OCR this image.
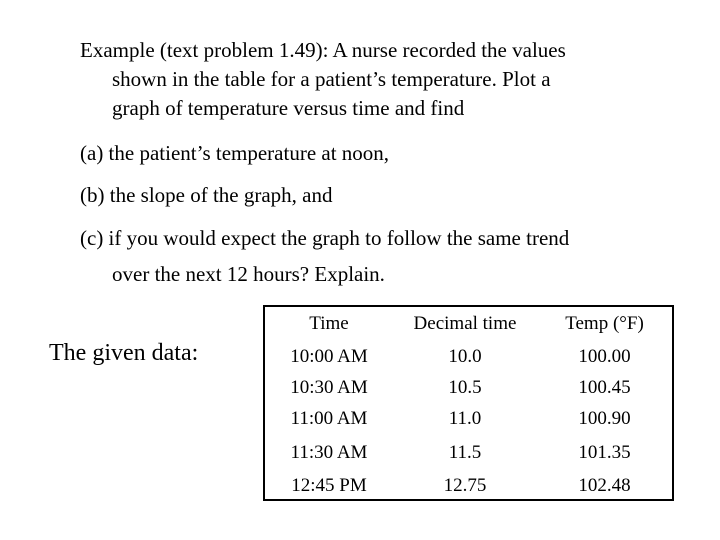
Example (text problem 1.49): A nurse recorded the values

shown in the table for a patient’s temperature. Plot a

graph of temperature versus time and find

(a) the patient’s temperature at noon,

(b) the slope of the graph, and

(c) if you would expect the graph to follow the same trend

over the next 12 hours? Explain.

The given data:
Time	Decimal time	Temp (°F)
10:00 AM	10.0	100.00
10:30 AM	10.5	100.45
11:00 AM	11.0	100.90
11:30 AM	11.5	101.35
12:45 PM	12.75	102.48
